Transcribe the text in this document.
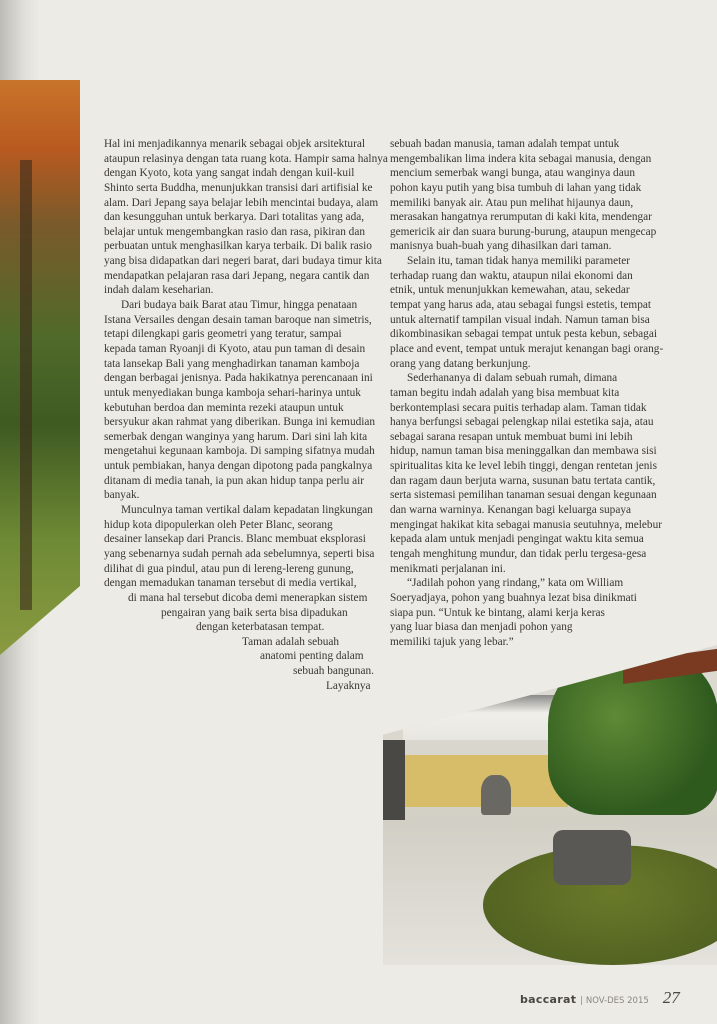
Hal ini menjadikannya menarik sebagai objek arsitektural
ataupun relasinya dengan tata ruang kota. Hampir sama halnya
dengan Kyoto, kota yang sangat indah dengan kuil-kuil
Shinto serta Buddha, menunjukkan transisi dari artifisial ke
alam. Dari Jepang saya belajar lebih mencintai budaya, alam
dan kesungguhan untuk berkarya. Dari totalitas yang ada,
belajar untuk mengembangkan rasio dan rasa, pikiran dan
perbuatan untuk menghasilkan karya terbaik. Di balik rasio
yang bisa didapatkan dari negeri barat, dari budaya timur kita
mendapatkan pelajaran rasa dari Jepang, negara cantik dan
indah dalam keseharian.
Dari budaya baik Barat atau Timur, hingga penataan
Istana Versailes dengan desain taman baroque nan simetris,
tetapi dilengkapi garis geometri yang teratur, sampai
kepada taman Ryoanji di Kyoto, atau pun taman di desain
tata lansekap Bali yang menghadirkan tanaman kamboja
dengan berbagai jenisnya. Pada hakikatnya perencanaan ini
untuk menyediakan bunga kamboja sehari-harinya untuk
kebutuhan berdoa dan meminta rezeki ataupun untuk
bersyukur akan rahmat yang diberikan. Bunga ini kemudian
semerbak dengan wanginya yang harum. Dari sini lah kita
mengetahui kegunaan kamboja. Di samping sifatnya mudah
untuk pembiakan, hanya dengan dipotong pada pangkalnya
ditanam di media tanah, ia pun akan hidup tanpa perlu air
banyak.
Munculnya taman vertikal dalam kepadatan lingkungan
hidup kota dipopulerkan oleh Peter Blanc, seorang
desainer lansekap dari Prancis. Blanc membuat eksplorasi
yang sebenarnya sudah pernah ada sebelumnya, seperti bisa
dilihat di gua pindul, atau pun di lereng-lereng gunung,
dengan memadukan tanaman tersebut di media vertikal,
di mana hal tersebut dicoba demi menerapkan sistem
pengairan yang baik serta bisa dipadukan
dengan keterbatasan tempat.
Taman adalah sebuah
anatomi penting dalam
sebuah bangunan.
Layaknya
sebuah badan manusia, taman adalah tempat untuk
mengembalikan lima indera kita sebagai manusia, dengan
mencium semerbak wangi bunga, atau wanginya daun
pohon kayu putih yang bisa tumbuh di lahan yang tidak
memiliki banyak air. Atau pun melihat hijaunya daun,
merasakan hangatnya rerumputan di kaki kita, mendengar
gemericik air dan suara burung-burung, ataupun mengecap
manisnya buah-buah yang dihasilkan dari taman.
Selain itu, taman tidak hanya memiliki parameter
terhadap ruang dan waktu, ataupun nilai ekonomi dan
etnik, untuk menunjukkan kemewahan, atau, sekedar
tempat yang harus ada, atau sebagai fungsi estetis, tempat
untuk alternatif tampilan visual indah. Namun taman bisa
dikombinasikan sebagai tempat untuk pesta kebun, sebagai
place and event, tempat untuk merajut kenangan bagi orang-
orang yang datang berkunjung.
Sederhananya di dalam sebuah rumah, dimana
taman begitu indah adalah yang bisa membuat kita
berkontemplasi secara puitis terhadap alam. Taman tidak
hanya berfungsi sebagai pelengkap nilai estetika saja, atau
sebagai sarana resapan untuk membuat bumi ini lebih
hidup, namun taman bisa meninggalkan dan membawa sisi
spiritualitas kita ke level lebih tinggi, dengan rentetan jenis
dan ragam daun berjuta warna, susunan batu tertata cantik,
serta sistemasi pemilihan tanaman sesuai dengan kegunaan
dan warna warninya. Kenangan bagi keluarga supaya
mengingat hakikat kita sebagai manusia seutuhnya, melebur
kepada alam untuk menjadi pengingat waktu kita semua
tengah menghitung mundur, dan tidak perlu tergesa-gesa
menikmati perjalanan ini.
“Jadilah pohon yang rindang,” kata om William
Soeryadjaya, pohon yang buahnya lezat bisa dinikmati
siapa pun. “Untuk ke bintang, alami kerja keras
yang luar biasa dan menjadi pohon yang
memiliki tajuk yang lebar.”
baccarat | NOV-DES 2015 27
